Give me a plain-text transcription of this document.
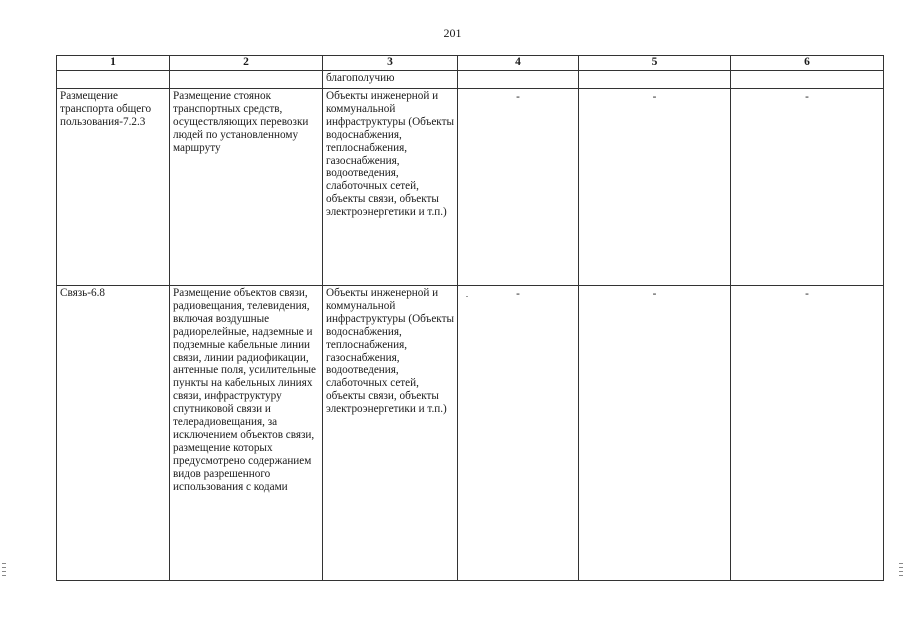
201
1	2	3	4	5	6
		благополучию			
Размещение транспорта общего пользования-7.2.3	Размещение стоянок транспортных средств, осуществляющих перевозки людей по установленному маршруту	Объекты инженерной и коммунальной инфраструктуры (Объекты водоснабжения, теплоснабжения, газоснабжения, водоотведения, слаботочных сетей, объекты связи, объекты электроэнергетики и т.п.)	-	-	-
Связь-6.8	Размещение объектов связи, радиовещания, телевидения, включая воздушные радиорелейные, надземные и подземные кабельные линии связи, линии радиофикации, антенные поля, усилительные пункты на кабельных линиях связи, инфраструктуру спутниковой связи и телерадиовещания, за исключением объектов связи, размещение которых предусмотрено содержанием видов разрешенного использования с кодами	Объекты инженерной и коммунальной инфраструктуры (Объекты водоснабжения, теплоснабжения, газоснабжения, водоотведения, слаботочных сетей, объекты связи, объекты электроэнергетики и т.п.)	-	-	-
